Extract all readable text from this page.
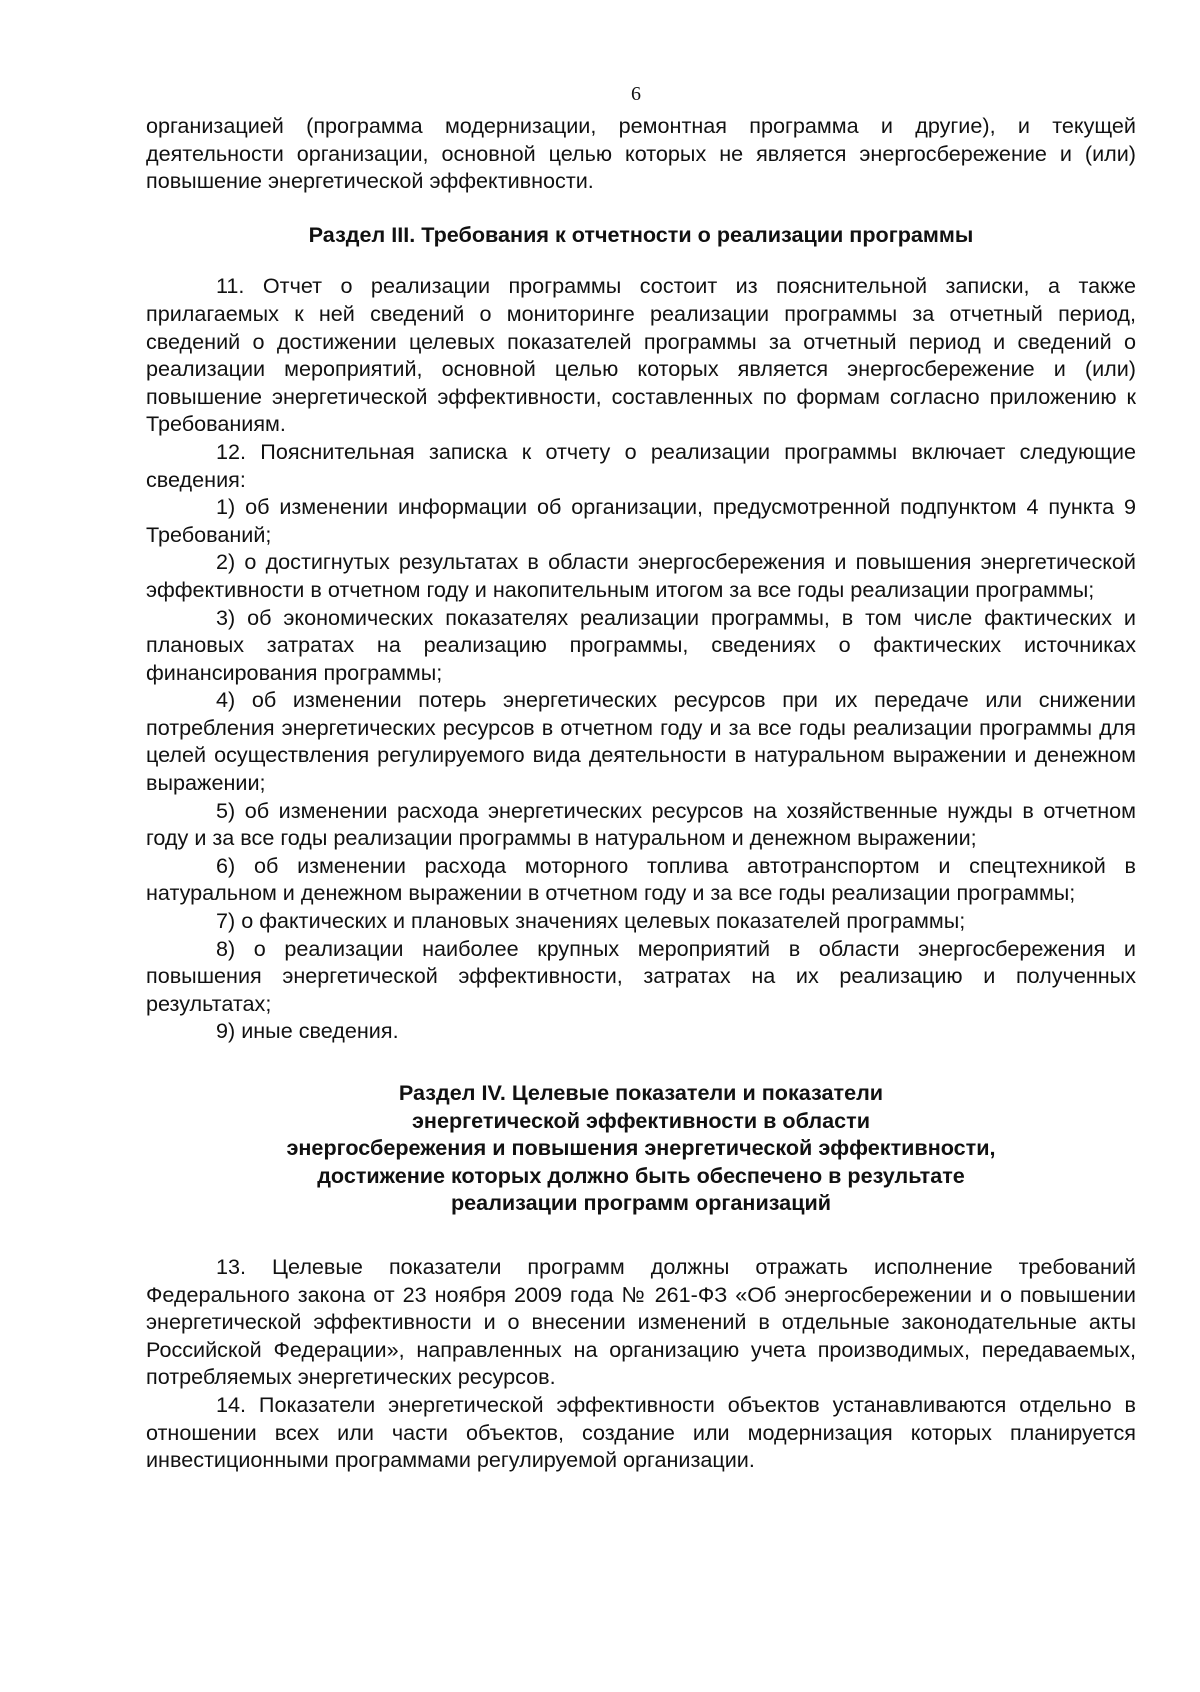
6

организацией (программа модернизации, ремонтная программа и другие), и текущей деятельности организации, основной целью которых не является энергосбережение и (или) повышение энергетической эффективности.

Раздел III. Требования к отчетности о реализации программы

11. Отчет о реализации программы состоит из пояснительной записки, а также прилагаемых к ней сведений о мониторинге реализации программы за отчетный период, сведений о достижении целевых показателей программы за отчетный период и сведений о реализации мероприятий, основной целью которых является энергосбережение и (или) повышение энергетической эффективности, составленных по формам согласно приложению к Требованиям.

12. Пояснительная записка к отчету о реализации программы включает следующие сведения:

1) об изменении информации об организации, предусмотренной подпунктом 4 пункта 9 Требований;

2) о достигнутых результатах в области энергосбережения и повышения энергетической эффективности в отчетном году и накопительным итогом за все годы реализации программы;

3) об экономических показателях реализации программы, в том числе фактических и плановых затратах на реализацию программы, сведениях о фактических источниках финансирования программы;

4) об изменении потерь энергетических ресурсов при их передаче или снижении потребления энергетических ресурсов в отчетном году и за все годы реализации программы для целей осуществления регулируемого вида деятельности в натуральном выражении и денежном выражении;

5) об изменении расхода энергетических ресурсов на хозяйственные нужды в отчетном году и за все годы реализации программы в натуральном и денежном выражении;

6) об изменении расхода моторного топлива автотранспортом и спецтехникой в натуральном и денежном выражении в отчетном году и за все годы реализации программы;

7) о фактических и плановых значениях целевых показателей программы;

8) о реализации наиболее крупных мероприятий в области энергосбережения и повышения энергетической эффективности, затратах на их реализацию и полученных результатах;

9) иные сведения.

Раздел IV. Целевые показатели и показатели
энергетической эффективности в области
энергосбережения и повышения энергетической эффективности,
достижение которых должно быть обеспечено в результате
реализации программ организаций

13. Целевые показатели программ должны отражать исполнение требований Федерального закона от 23 ноября 2009 года № 261-ФЗ «Об энергосбережении и о повышении энергетической эффективности и о внесении изменений в отдельные законодательные акты Российской Федерации», направленных на организацию учета производимых, передаваемых, потребляемых энергетических ресурсов.

14. Показатели энергетической эффективности объектов устанавливаются отдельно в отношении всех или части объектов, создание или модернизация которых планируется инвестиционными программами регулируемой организации.
